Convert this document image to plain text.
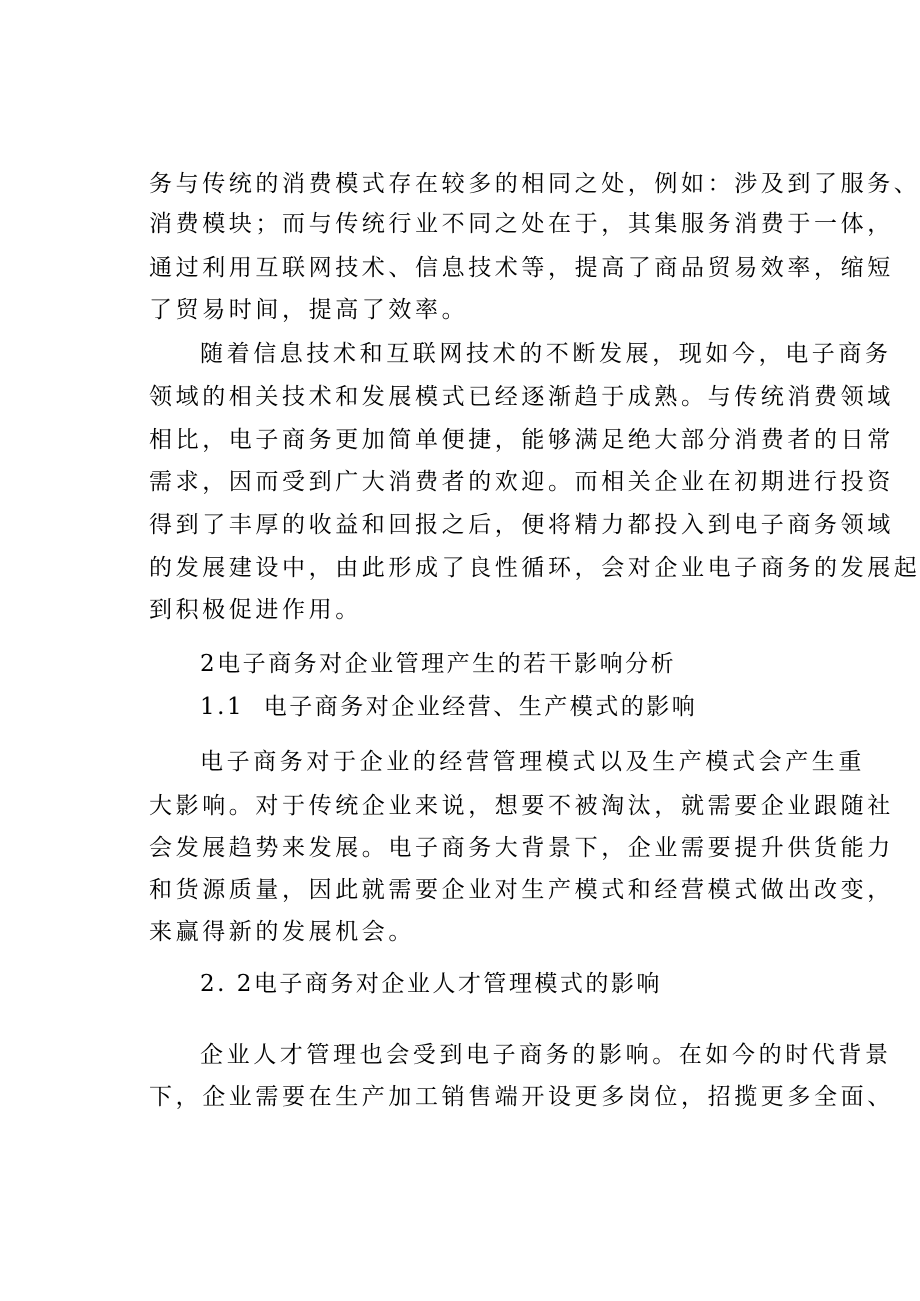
务与传统的消费模式存在较多的相同之处，例如：涉及到了服务、
消费模块；而与传统行业不同之处在于，其集服务消费于一体，
通过利用互联网技术、信息技术等，提高了商品贸易效率，缩短
了贸易时间，提高了效率。
随着信息技术和互联网技术的不断发展，现如今，电子商务
领域的相关技术和发展模式已经逐渐趋于成熟。与传统消费领域
相比，电子商务更加简单便捷，能够满足绝大部分消费者的日常
需求，因而受到广大消费者的欢迎。而相关企业在初期进行投资
得到了丰厚的收益和回报之后，便将精力都投入到电子商务领域
的发展建设中，由此形成了良性循环，会对企业电子商务的发展起
到积极促进作用。
2电子商务对企业管理产生的若干影响分析
1.1  电子商务对企业经营、生产模式的影响
电子商务对于企业的经营管理模式以及生产模式会产生重
大影响。对于传统企业来说，想要不被淘汰，就需要企业跟随社
会发展趋势来发展。电子商务大背景下，企业需要提升供货能力
和货源质量，因此就需要企业对生产模式和经营模式做出改变，
来赢得新的发展机会。
2. 2电子商务对企业人才管理模式的影响
企业人才管理也会受到电子商务的影响。在如今的时代背景
下，企业需要在生产加工销售端开设更多岗位，招揽更多全面、
